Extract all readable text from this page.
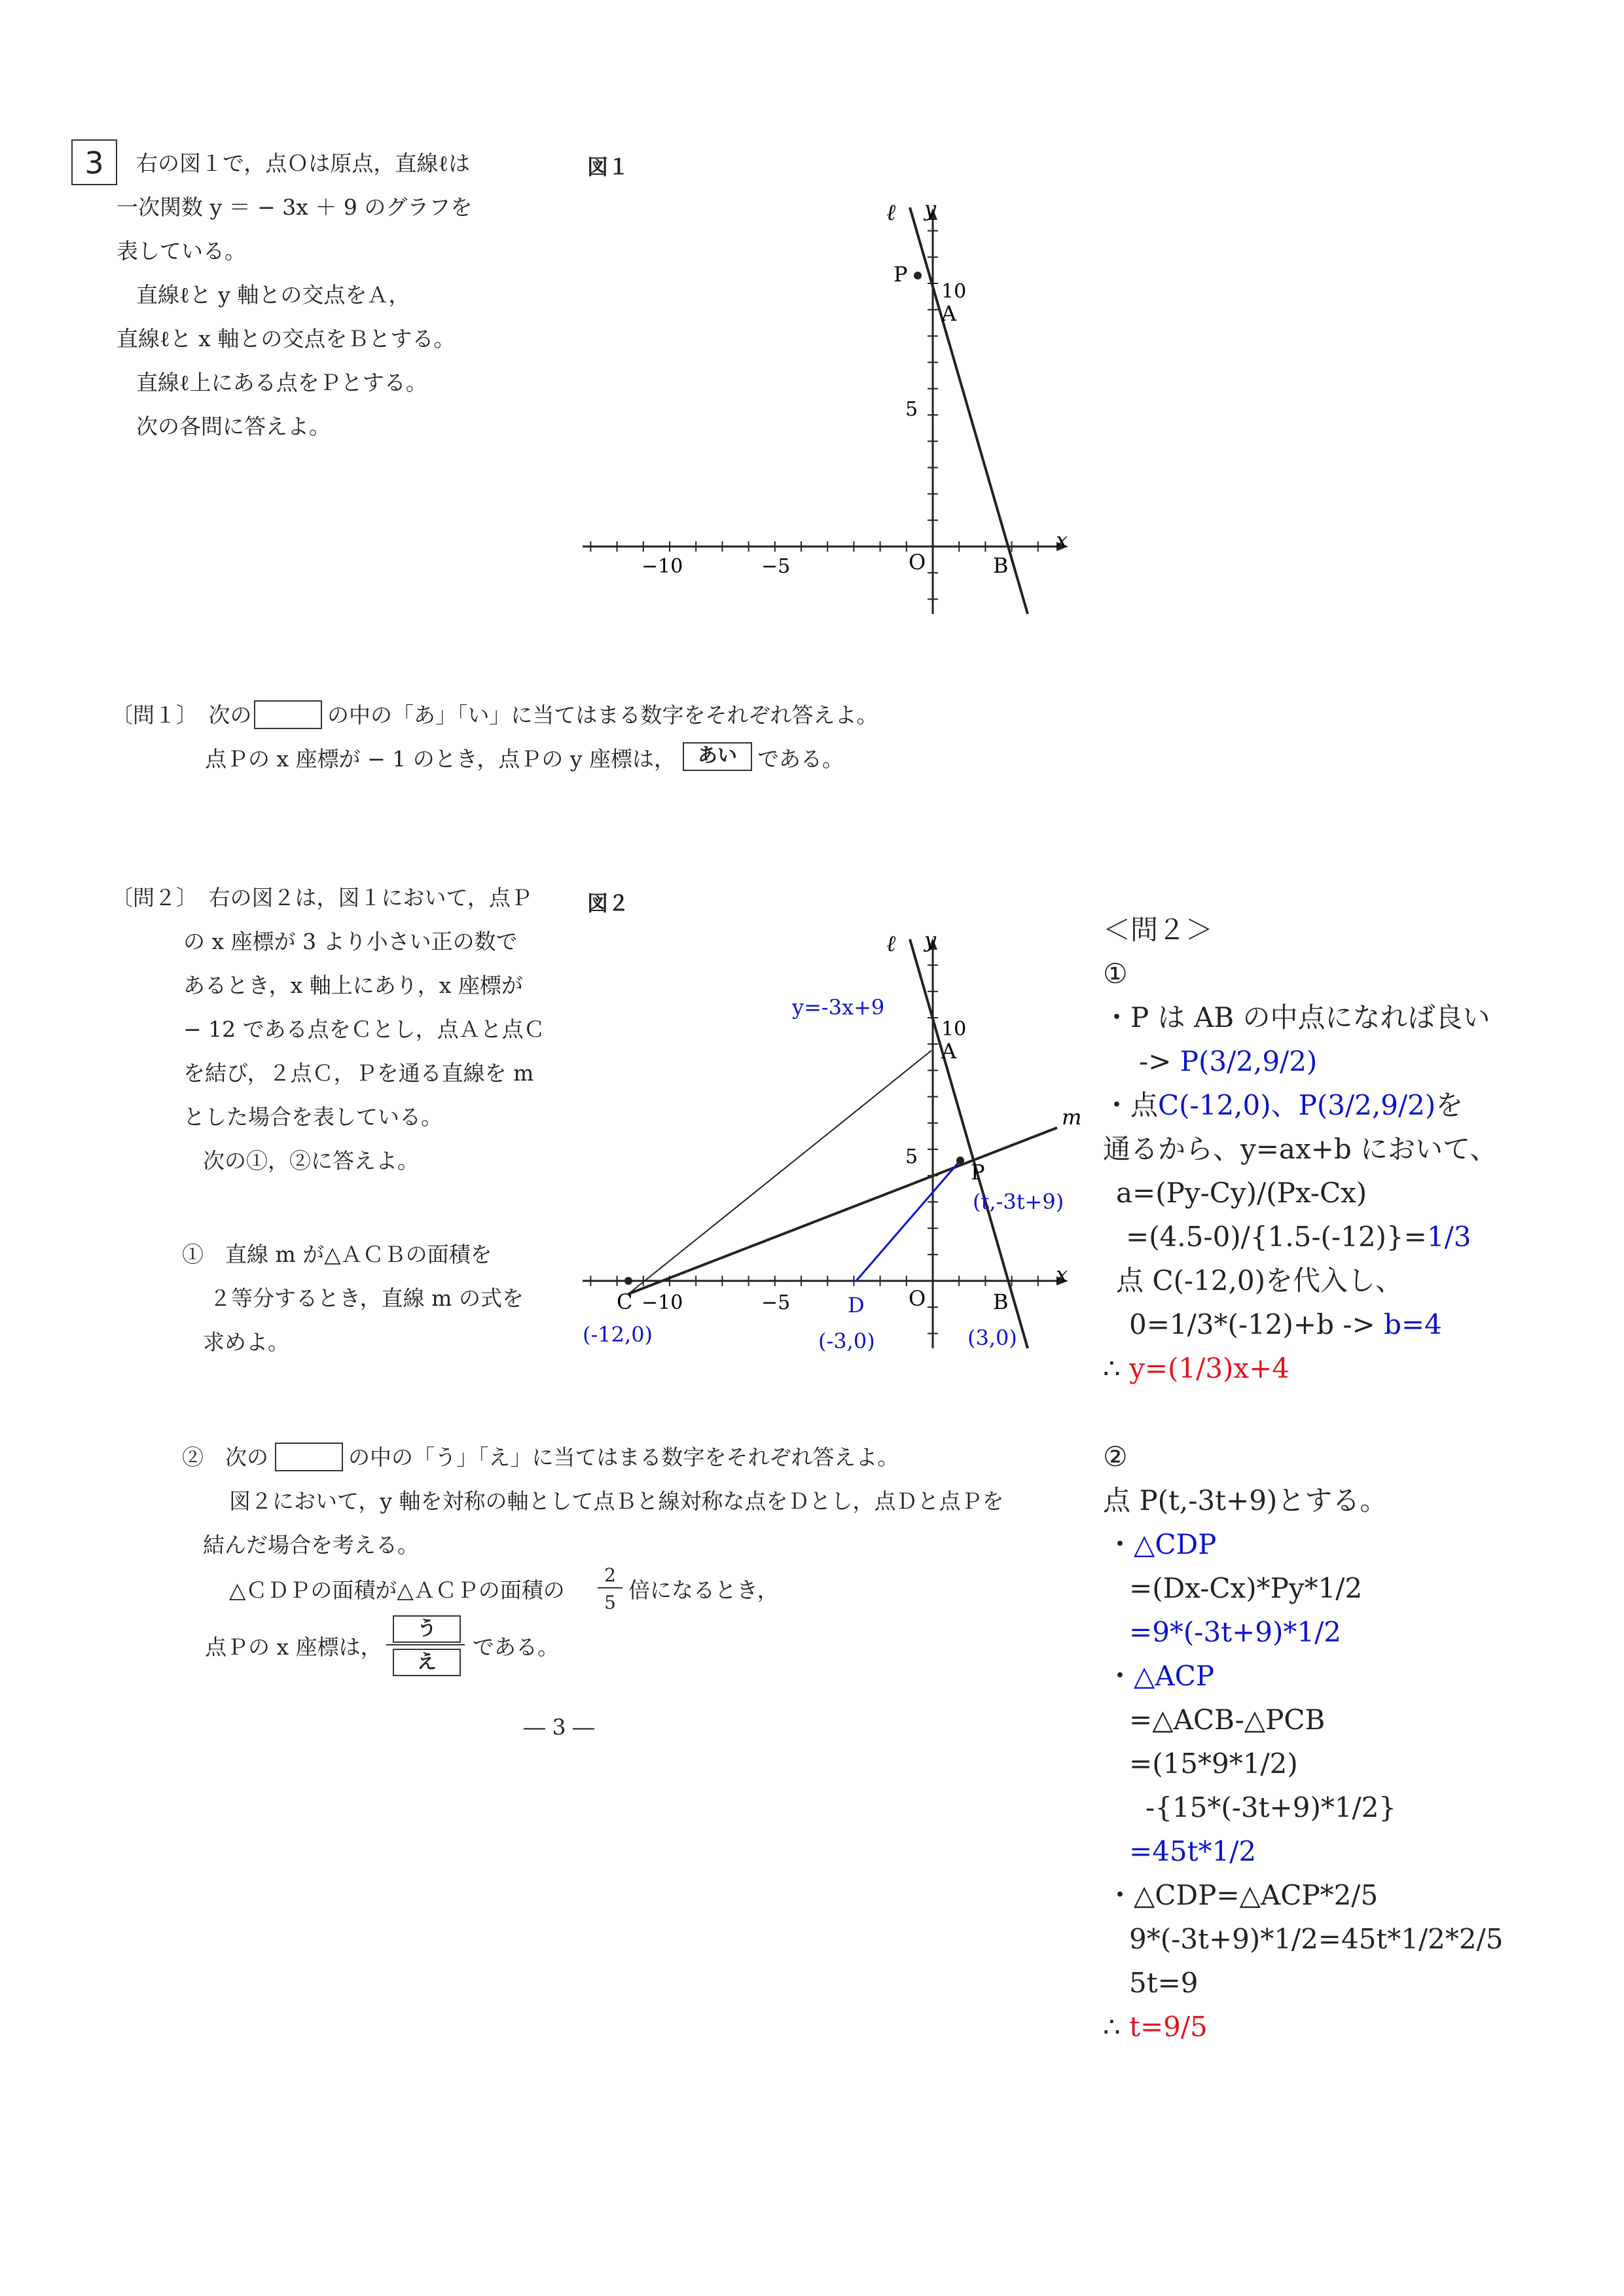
3	右の図１で，点Ｏは原点，直線ℓは
一次関数 y ＝ − 3x ＋ 9 のグラフを
表している。
直線ℓと y 軸との交点をＡ，
直線ℓと x 軸との交点をＢとする。
直線ℓ上にある点をＰとする。
次の各問に答えよ。
図１
ℓ y
x
P
10
A
5
O	B
−10	−5
〔問１〕　次の	の中の「あ」「い」に当てはまる数字をそれぞれ答えよ。
点Ｐの x 座標が − 1 のとき，点Ｐの y 座標は，	あい である。
〔問２〕　右の図２は，図１において，点Ｐ
の x 座標が 3 より小さい正の数で
あるとき，x 軸上にあり，x 座標が
− 12 である点をＣとし，点Ａと点Ｃ
を結び，２点Ｃ，Ｐを通る直線を m
とした場合を表している。
次の①，②に答えよ。
①　直線 m が△ＡＣＢの面積を
２等分するとき，直線 m の式を
求めよ。
図２
ℓ y
x
m
y=-3x+9
10
A
5
P
(t,-3t+9)
C −10	−5	D O	B
(-12,0)	(-3,0)	(3,0)
②　次の	の中の「う」「え」に当てはまる数字をそれぞれ答えよ。
図２において，y 軸を対称の軸として点Ｂと線対称な点をＤとし，点Ｄと点Ｐを
結んだ場合を考える。
△ＣＤＰの面積が△ＡＣＰの面積の
2
5 倍になるとき，
点Ｐの x 座標は，
う
え
である。
― 3 ―
＜問２＞
①
・P は AB の中点になれば良い
-> P(3/2,9/2)
・点C(-12,0)、P(3/2,9/2)を
通るから、y=ax+b において、
a=(Py-Cy)/(Px-Cx)
=(4.5-0)/{1.5-(-12)}=1/3
点 C(-12,0)を代入し、
0=1/3*(-12)+b -> b=4
∴ y=(1/3)x+4
②
点 P(t,-3t+9)とする。
・△CDP
=(Dx-Cx)*Py*1/2
=9*(-3t+9)*1/2
・△ACP
=△ACB-△PCB
=(15*9*1/2)
-{15*(-3t+9)*1/2}
=45t*1/2
・△CDP=△ACP*2/5
9*(-3t+9)*1/2=45t*1/2*2/5
5t=9
∴ t=9/5
